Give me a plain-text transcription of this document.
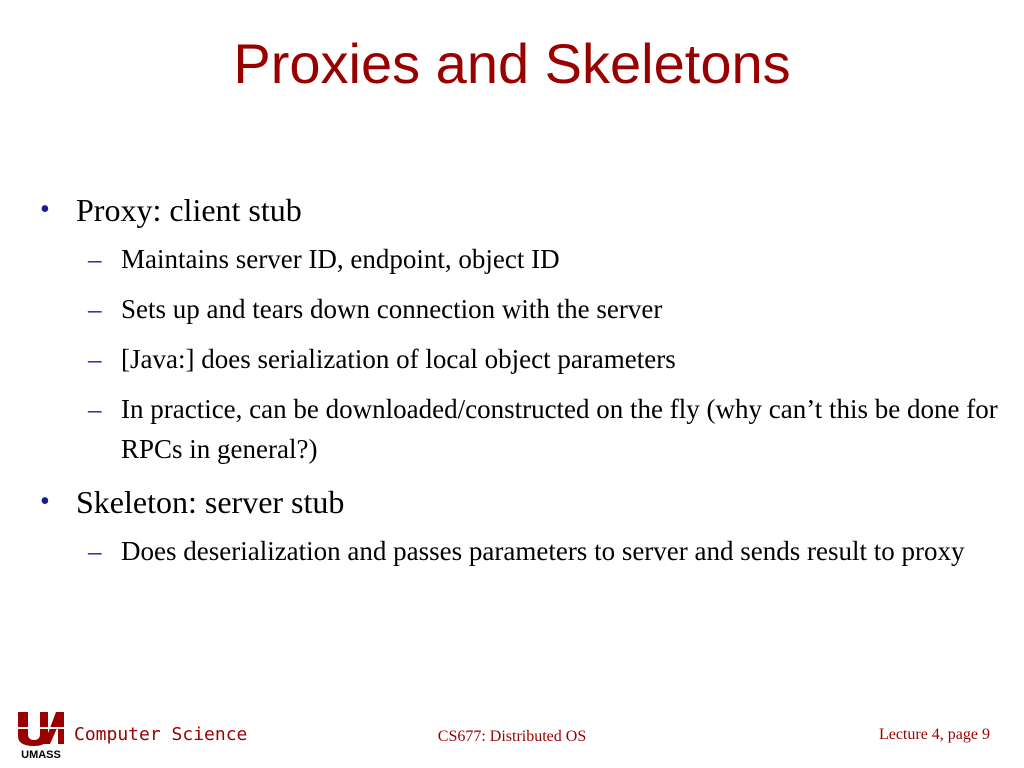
Proxies and Skeletons
• Proxy: client stub
– Maintains server ID, endpoint, object ID
– Sets up and tears down connection with the server
– [Java:] does serialization of local object parameters
– In practice, can be downloaded/constructed on the fly (why can’t this be done for RPCs in general?)
• Skeleton: server stub
– Does deserialization and passes parameters to server and sends result to proxy
UMASS
Computer Science	CS677: Distributed OS	Lecture 4, page 9
